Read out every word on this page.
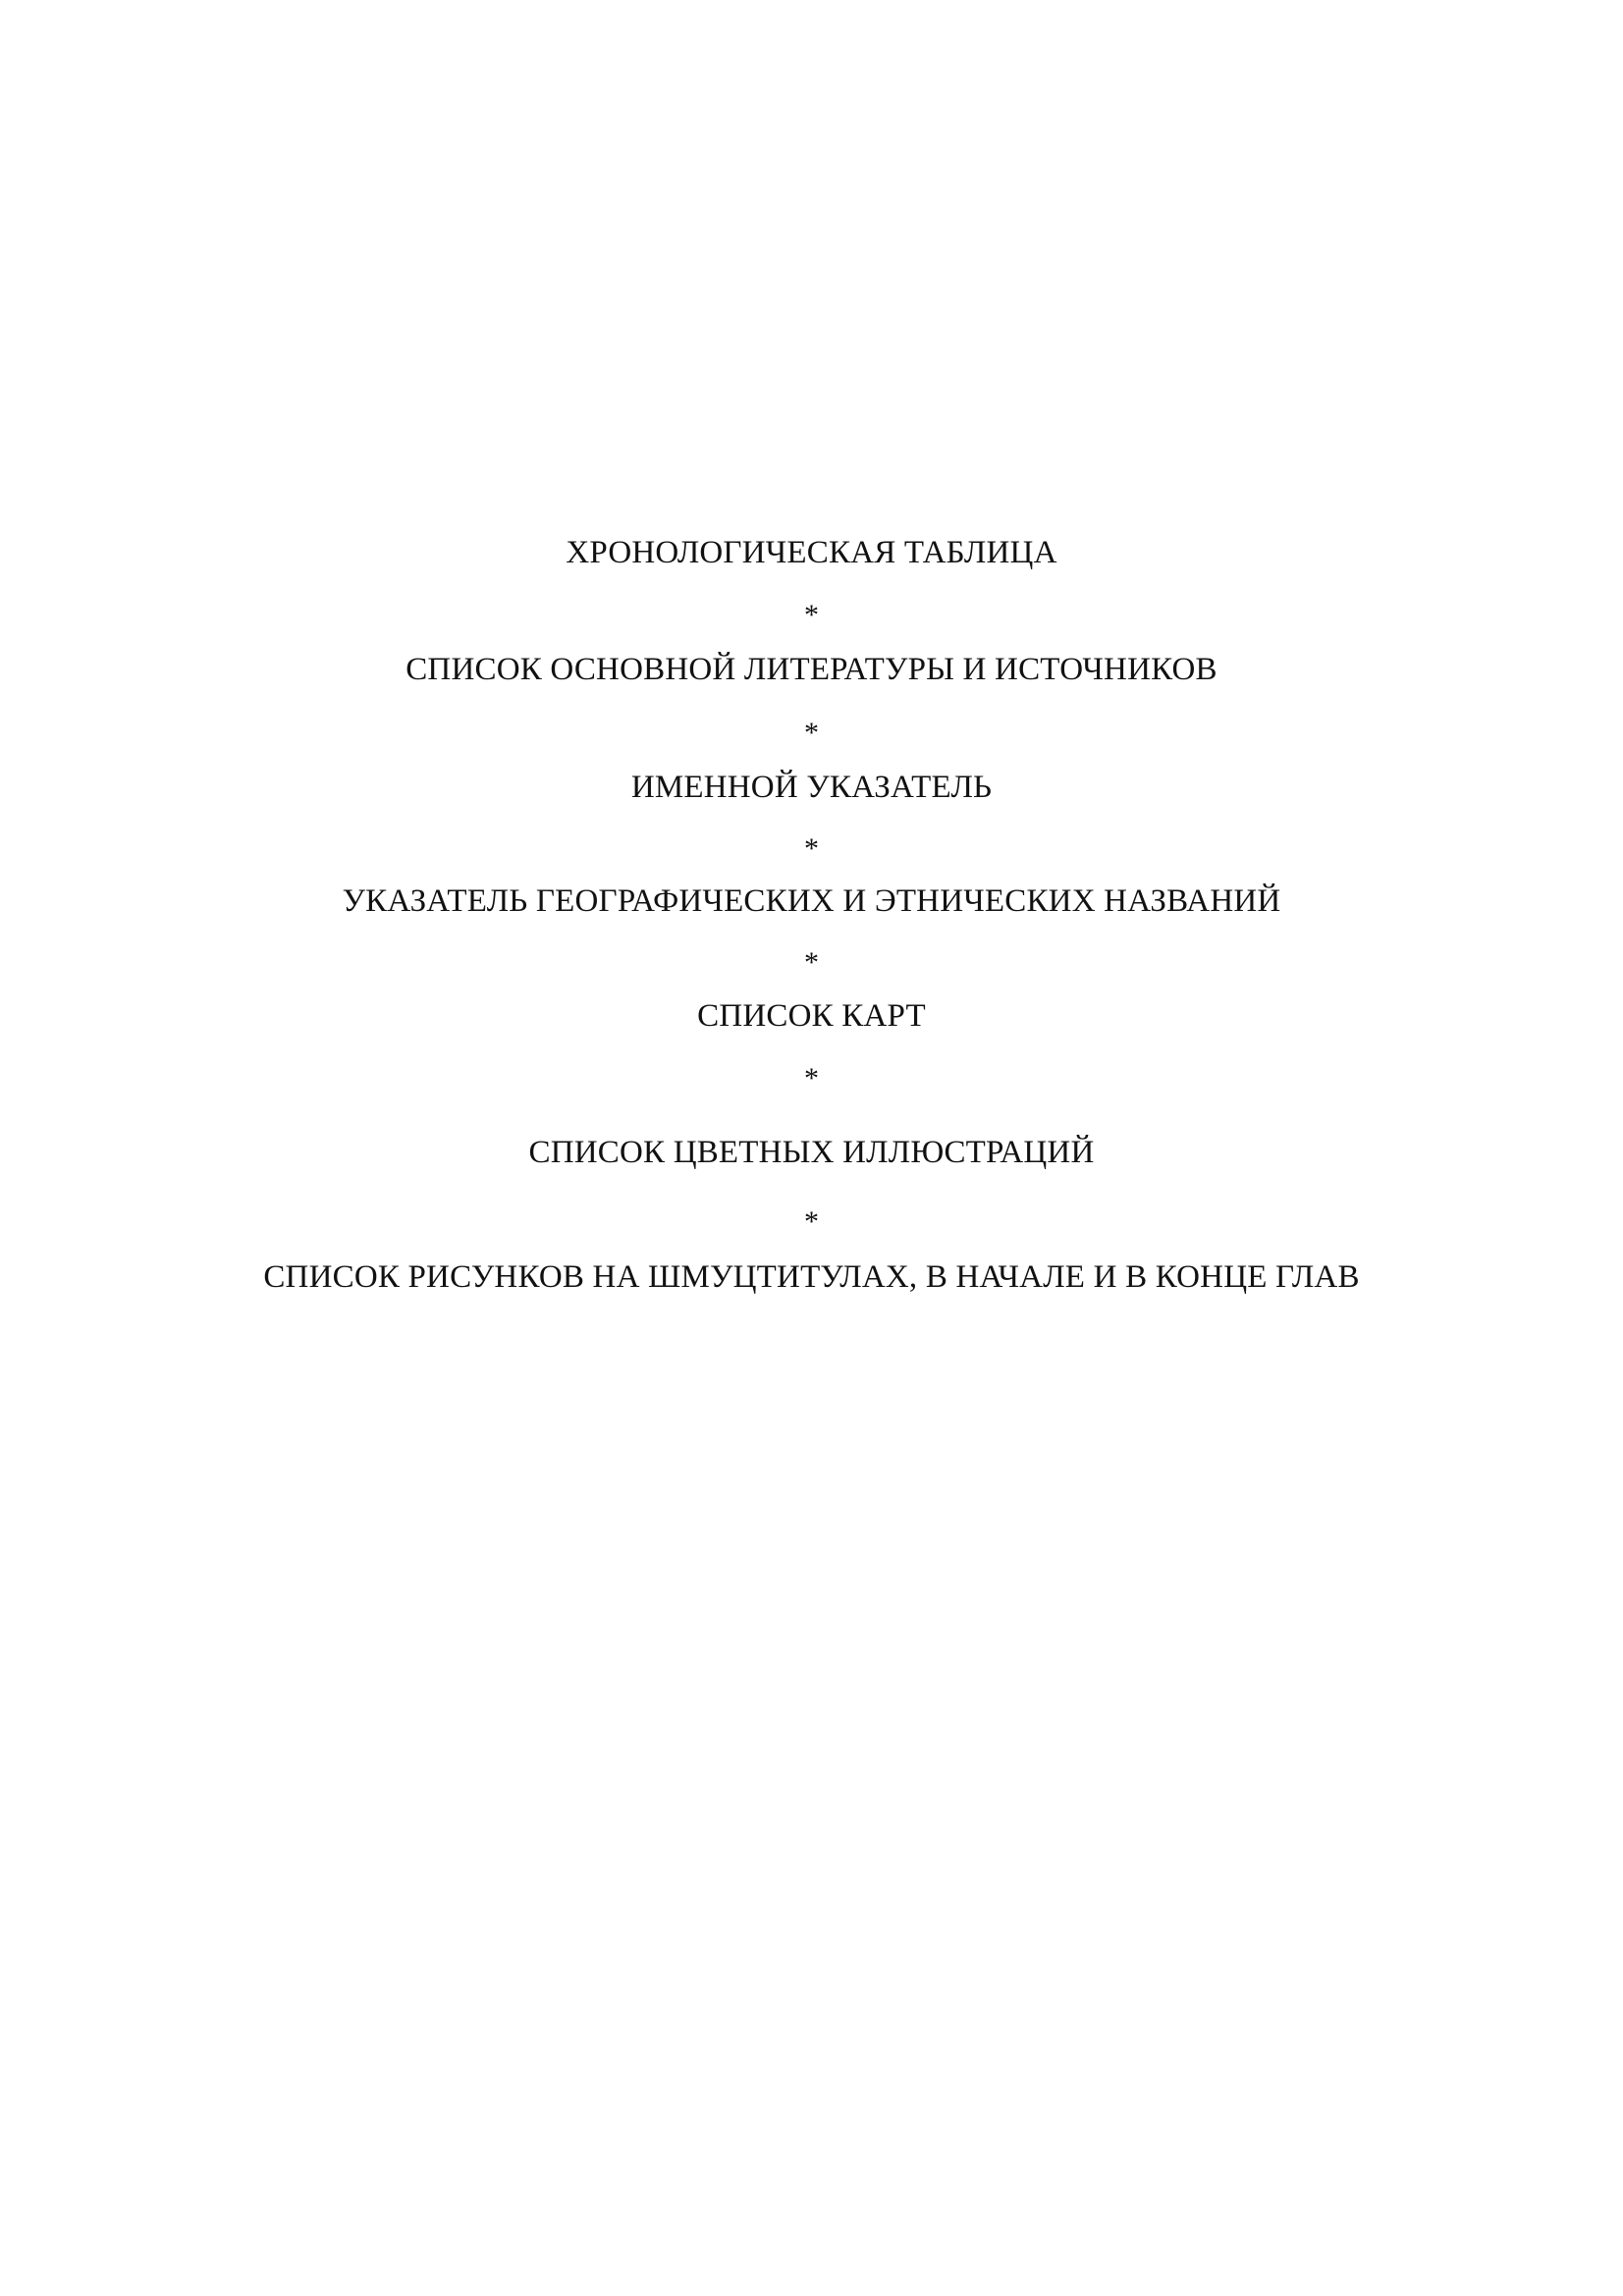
ХРОНОЛОГИЧЕСКАЯ ТАБЛИЦА
*
СПИСОК ОСНОВНОЙ ЛИТЕРАТУРЫ И ИСТОЧНИКОВ
*
ИМЕННОЙ УКАЗАТЕЛЬ
*
УКАЗАТЕЛЬ ГЕОГРАФИЧЕСКИХ И ЭТНИЧЕСКИХ НАЗВАНИЙ
*
СПИСОК КАРТ
*
СПИСОК ЦВЕТНЫХ ИЛЛЮСТРАЦИЙ
*
СПИСОК РИСУНКОВ НА ШМУЦТИТУЛАХ, В НАЧАЛЕ И В КОНЦЕ ГЛАВ
